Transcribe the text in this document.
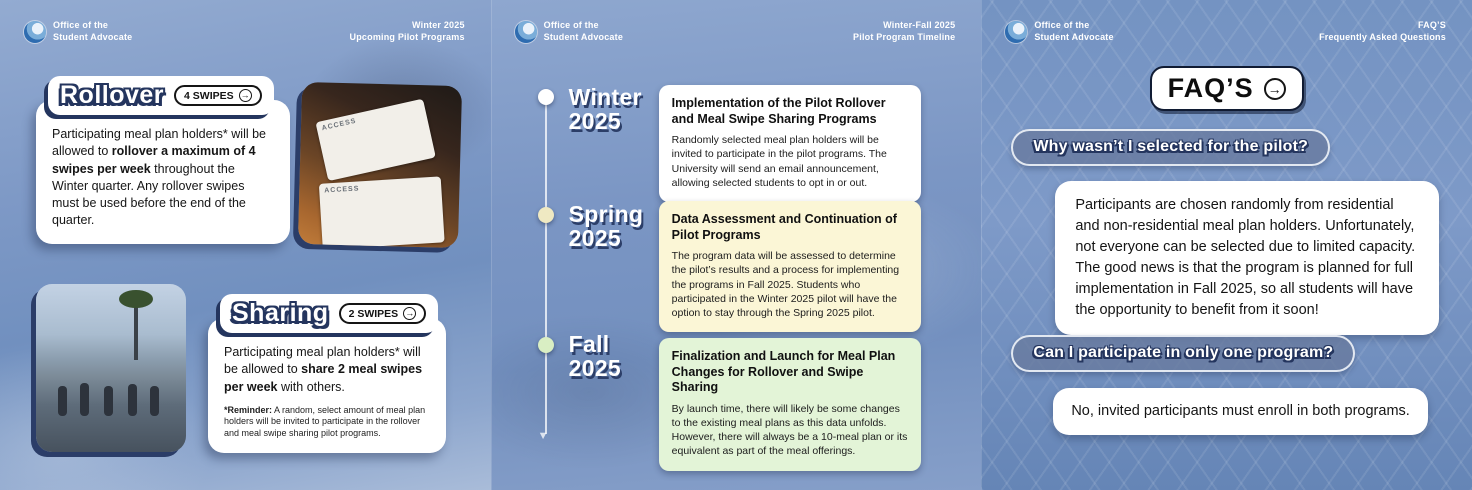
Office of the
Student Advocate
Winter 2025
Upcoming Pilot Programs
Rollover 4 SWIPES →

Participating meal plan holders* will be allowed to rollover a maximum of 4 swipes per week throughout the Winter quarter. Any rollover swipes must be used before the end of the quarter.

ACCESS
ACCESS
Sharing 2 SWIPES →

Participating meal plan holders* will be allowed to share 2 meal swipes per week with others.

*Reminder: A random, select amount of meal plan holders will be invited to participate in the rollover and meal swipe sharing pilot programs.

Office of the
Student Advocate
Winter-Fall 2025
Pilot Program Timeline
▼
Winter
2025
Implementation of the Pilot Rollover and Meal Swipe Sharing Programs

Randomly selected meal plan holders will be invited to participate in the pilot programs. The University will send an email announcement, allowing selected students to opt in or out.

Spring
2025
Data Assessment and Continuation of Pilot Programs

The program data will be assessed to determine the pilot’s results and a process for implementing the programs in Fall 2025. Students who participated in the Winter 2025 pilot will have the option to stay through the Spring 2025 pilot.

Fall
2025	Finalization and Launch for Meal Plan Changes for Rollover and Swipe Sharing

By launch time, there will likely be some changes to the existing meal plans as this data unfolds. However, there will always be a 10-meal plan or its equivalent as part of the meal offerings.

Office of the
Student Advocate
FAQ’S
Frequently Asked Questions
FAQ’S →
Why wasn’t I selected for the pilot?
Participants are chosen randomly from residential and non-residential meal plan holders. Unfortunately, not everyone can be selected due to limited capacity. The good news is that the program is planned for full implementation in Fall 2025, so all students will have the opportunity to benefit from it soon!
Can I participate in only one program?
No, invited participants must enroll in both programs.
